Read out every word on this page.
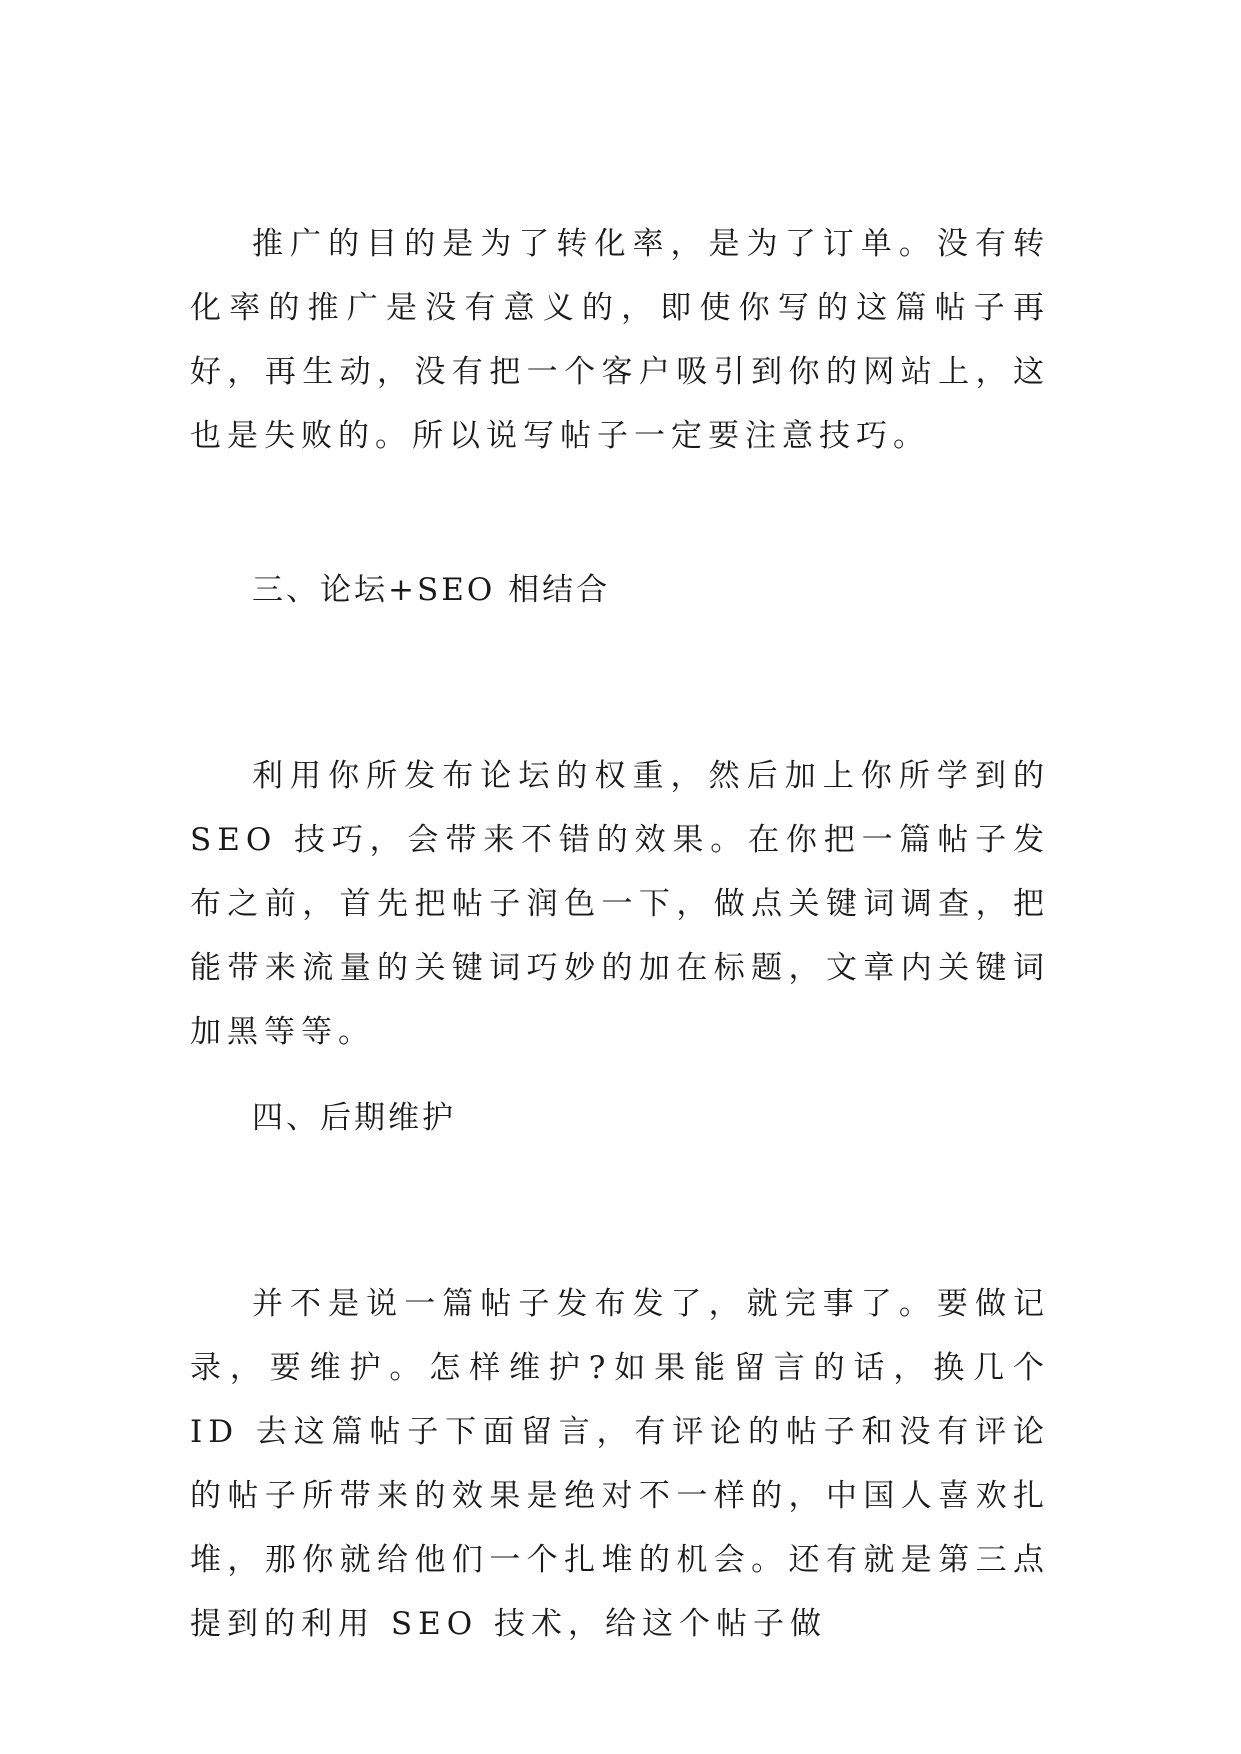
推广的目的是为了转化率，是为了订单。没有转化率的推广是没有意义的，即使你写的这篇帖子再好，再生动，没有把一个客户吸引到你的网站上，这也是失败的。所以说写帖子一定要注意技巧。

三、论坛+SEO 相结合

利用你所发布论坛的权重，然后加上你所学到的 SEO 技巧，会带来不错的效果。在你把一篇帖子发布之前，首先把帖子润色一下，做点关键词调查，把能带来流量的关键词巧妙的加在标题，文章内关键词加黑等等。

四、后期维护

并不是说一篇帖子发布发了，就完事了。要做记录，要维护。怎样维护?如果能留言的话，换几个 ID 去这篇帖子下面留言，有评论的帖子和没有评论的帖子所带来的效果是绝对不一样的，中国人喜欢扎堆，那你就给他们一个扎堆的机会。还有就是第三点提到的利用 SEO 技术，给这个帖子做
